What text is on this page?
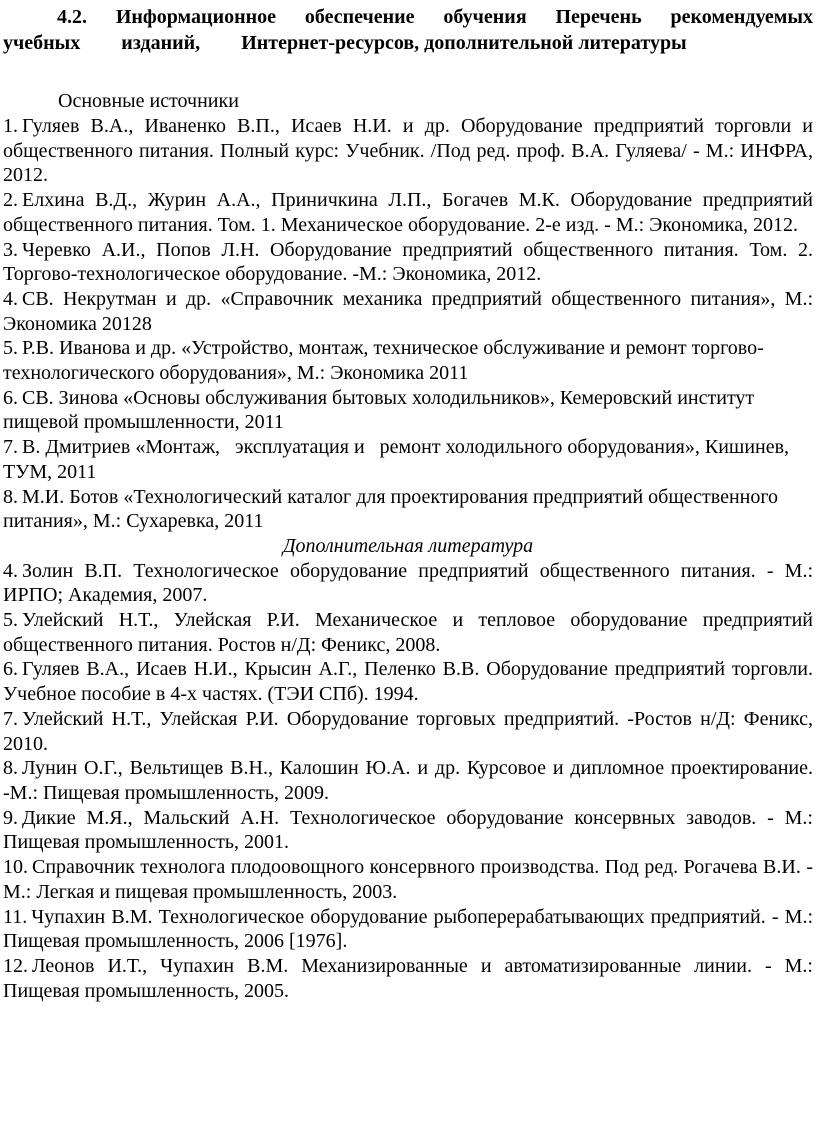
4.2. Информационное обеспечение обучения Перечень рекомендуемых
учебных изданий, Интернет-ресурсов, дополнительной литературы
Основные источники

1. Гуляев В.А., Иваненко В.П., Исаев Н.И. и др. Оборудование предприятий торговли и общественного питания. Полный курс: Учебник. /Под ред. проф. В.А. Гуляева/ - М.: ИНФРА, 2012.

2. Елхина В.Д., Журин А.А., Приничкина Л.П., Богачев М.К. Оборудование предприятий общественного питания. Том. 1. Механическое оборудование. 2-е изд. - М.: Экономика, 2012.

3. Черевко А.И., Попов Л.Н. Оборудование предприятий общественного питания. Том. 2. Торгово-технологическое оборудование. -М.: Экономика, 2012.

4. СВ. Некрутман и др. «Справочник механика предприятий общественного питания», М.: Экономика 20128

5. Р.В. Иванова и др. «Устройство, монтаж, техническое обслуживание и ремонт торгово-технологического оборудования», М.: Экономика 2011

6. СВ. Зинова «Основы обслуживания бытовых холодильников», Кемеровский институт пищевой промышленности, 2011

7. В. Дмитриев «Монтаж,   эксплуатация и   ремонт холодильного оборудования», Кишинев, ТУМ, 2011

8. М.И. Ботов «Технологический каталог для проектирования предприятий общественного питания», М.: Сухаревка, 2011

Дополнительная литература

4. Золин В.П. Технологическое оборудование предприятий общественного питания. - М.: ИРПО; Академия, 2007.

5. Улейский Н.Т., Улейская Р.И. Механическое и тепловое оборудование предприятий общественного питания. Ростов н/Д: Феникс, 2008.

6. Гуляев В.А., Исаев Н.И., Крысин А.Г., Пеленко В.В. Оборудование предприятий торговли. Учебное пособие в 4-х частях. (ТЭИ СПб). 1994.

7. Улейский Н.Т., Улейская Р.И. Оборудование торговых предприятий. -Ростов н/Д: Феникс, 2010.

8. Лунин О.Г., Вельтищев В.Н., Калошин Ю.А. и др. Курсовое и дипломное проектирование. -М.: Пищевая промышленность, 2009.

9. Дикие М.Я., Мальский А.Н. Технологическое оборудование консервных заводов. - М.: Пищевая промышленность, 2001.

10. Справочник технолога плодоовощного консервного производства. Под ред. Рогачева В.И. - М.: Легкая и пищевая промышленность, 2003.

11. Чупахин В.М. Технологическое оборудование рыбоперерабатывающих предприятий. - М.: Пищевая промышленность, 2006 [1976].

12. Леонов И.Т., Чупахин В.М. Механизированные и автоматизированные линии. - М.: Пищевая промышленность, 2005.
